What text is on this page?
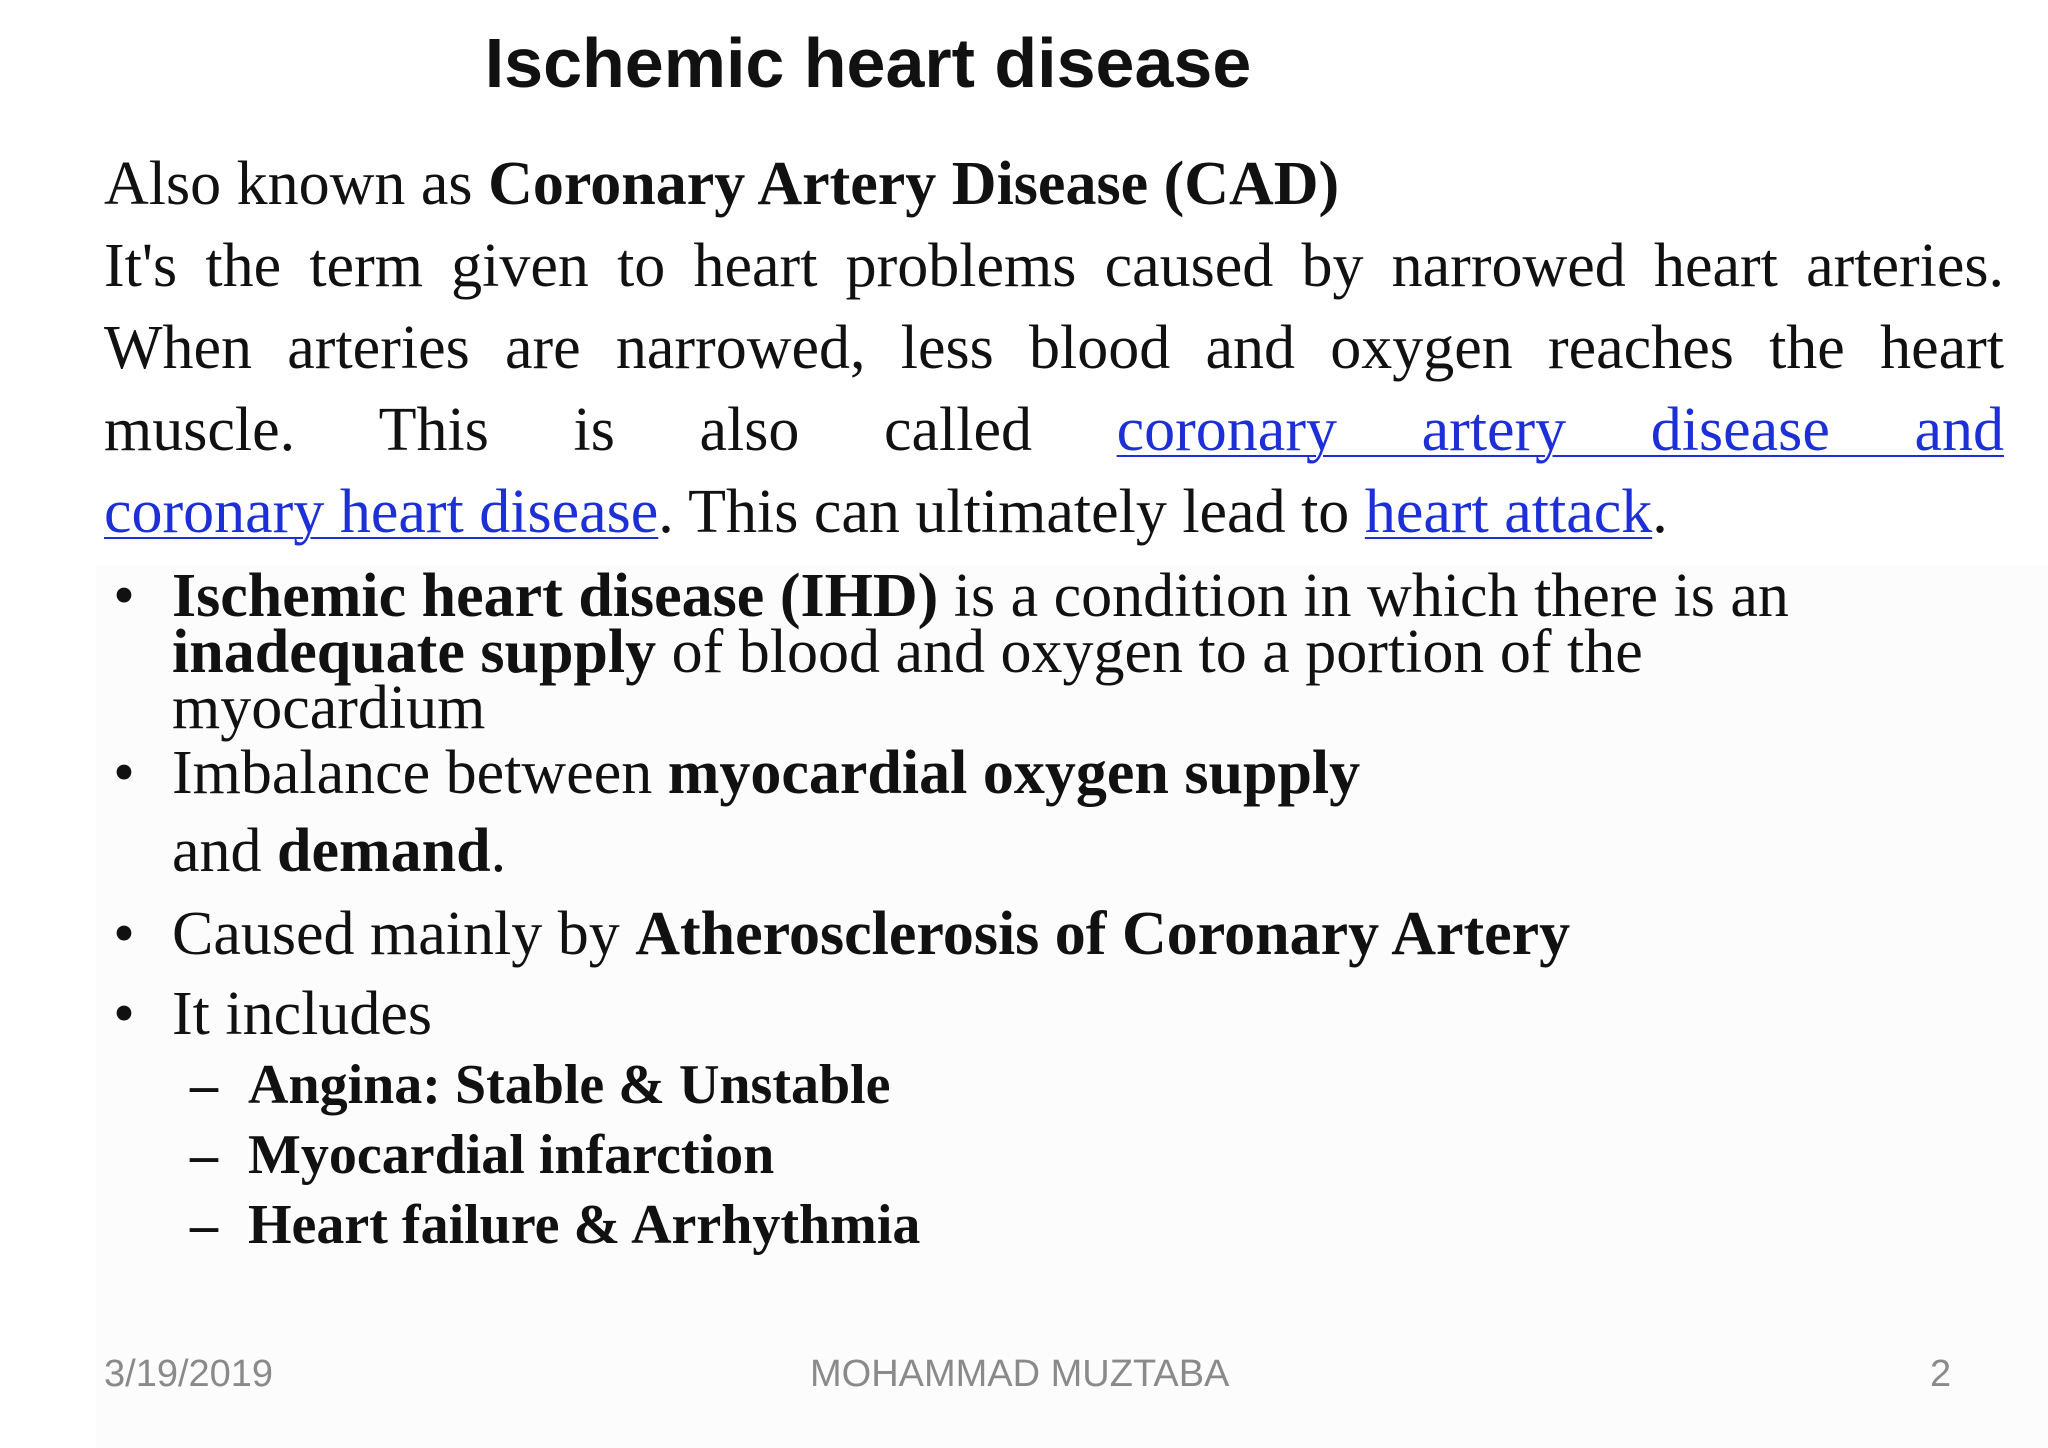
Ischemic heart disease
Also known as Coronary Artery Disease (CAD)
It's the term given to heart problems caused by narrowed heart arteries. When arteries are narrowed, less blood and oxygen reaches the heart muscle. This is also called coronary artery disease and
coronary heart disease. This can ultimately lead to heart attack.
• Ischemic heart disease (IHD) is a condition in which there is an
inadequate supply of blood and oxygen to a portion of the
myocardium
• Imbalance between myocardial oxygen supply
and demand.
• Caused mainly by Atherosclerosis of Coronary Artery
• It includes
– Angina: Stable & Unstable
– Myocardial infarction
– Heart failure & Arrhythmia
3/19/2019	MOHAMMAD MUZTABA	2
